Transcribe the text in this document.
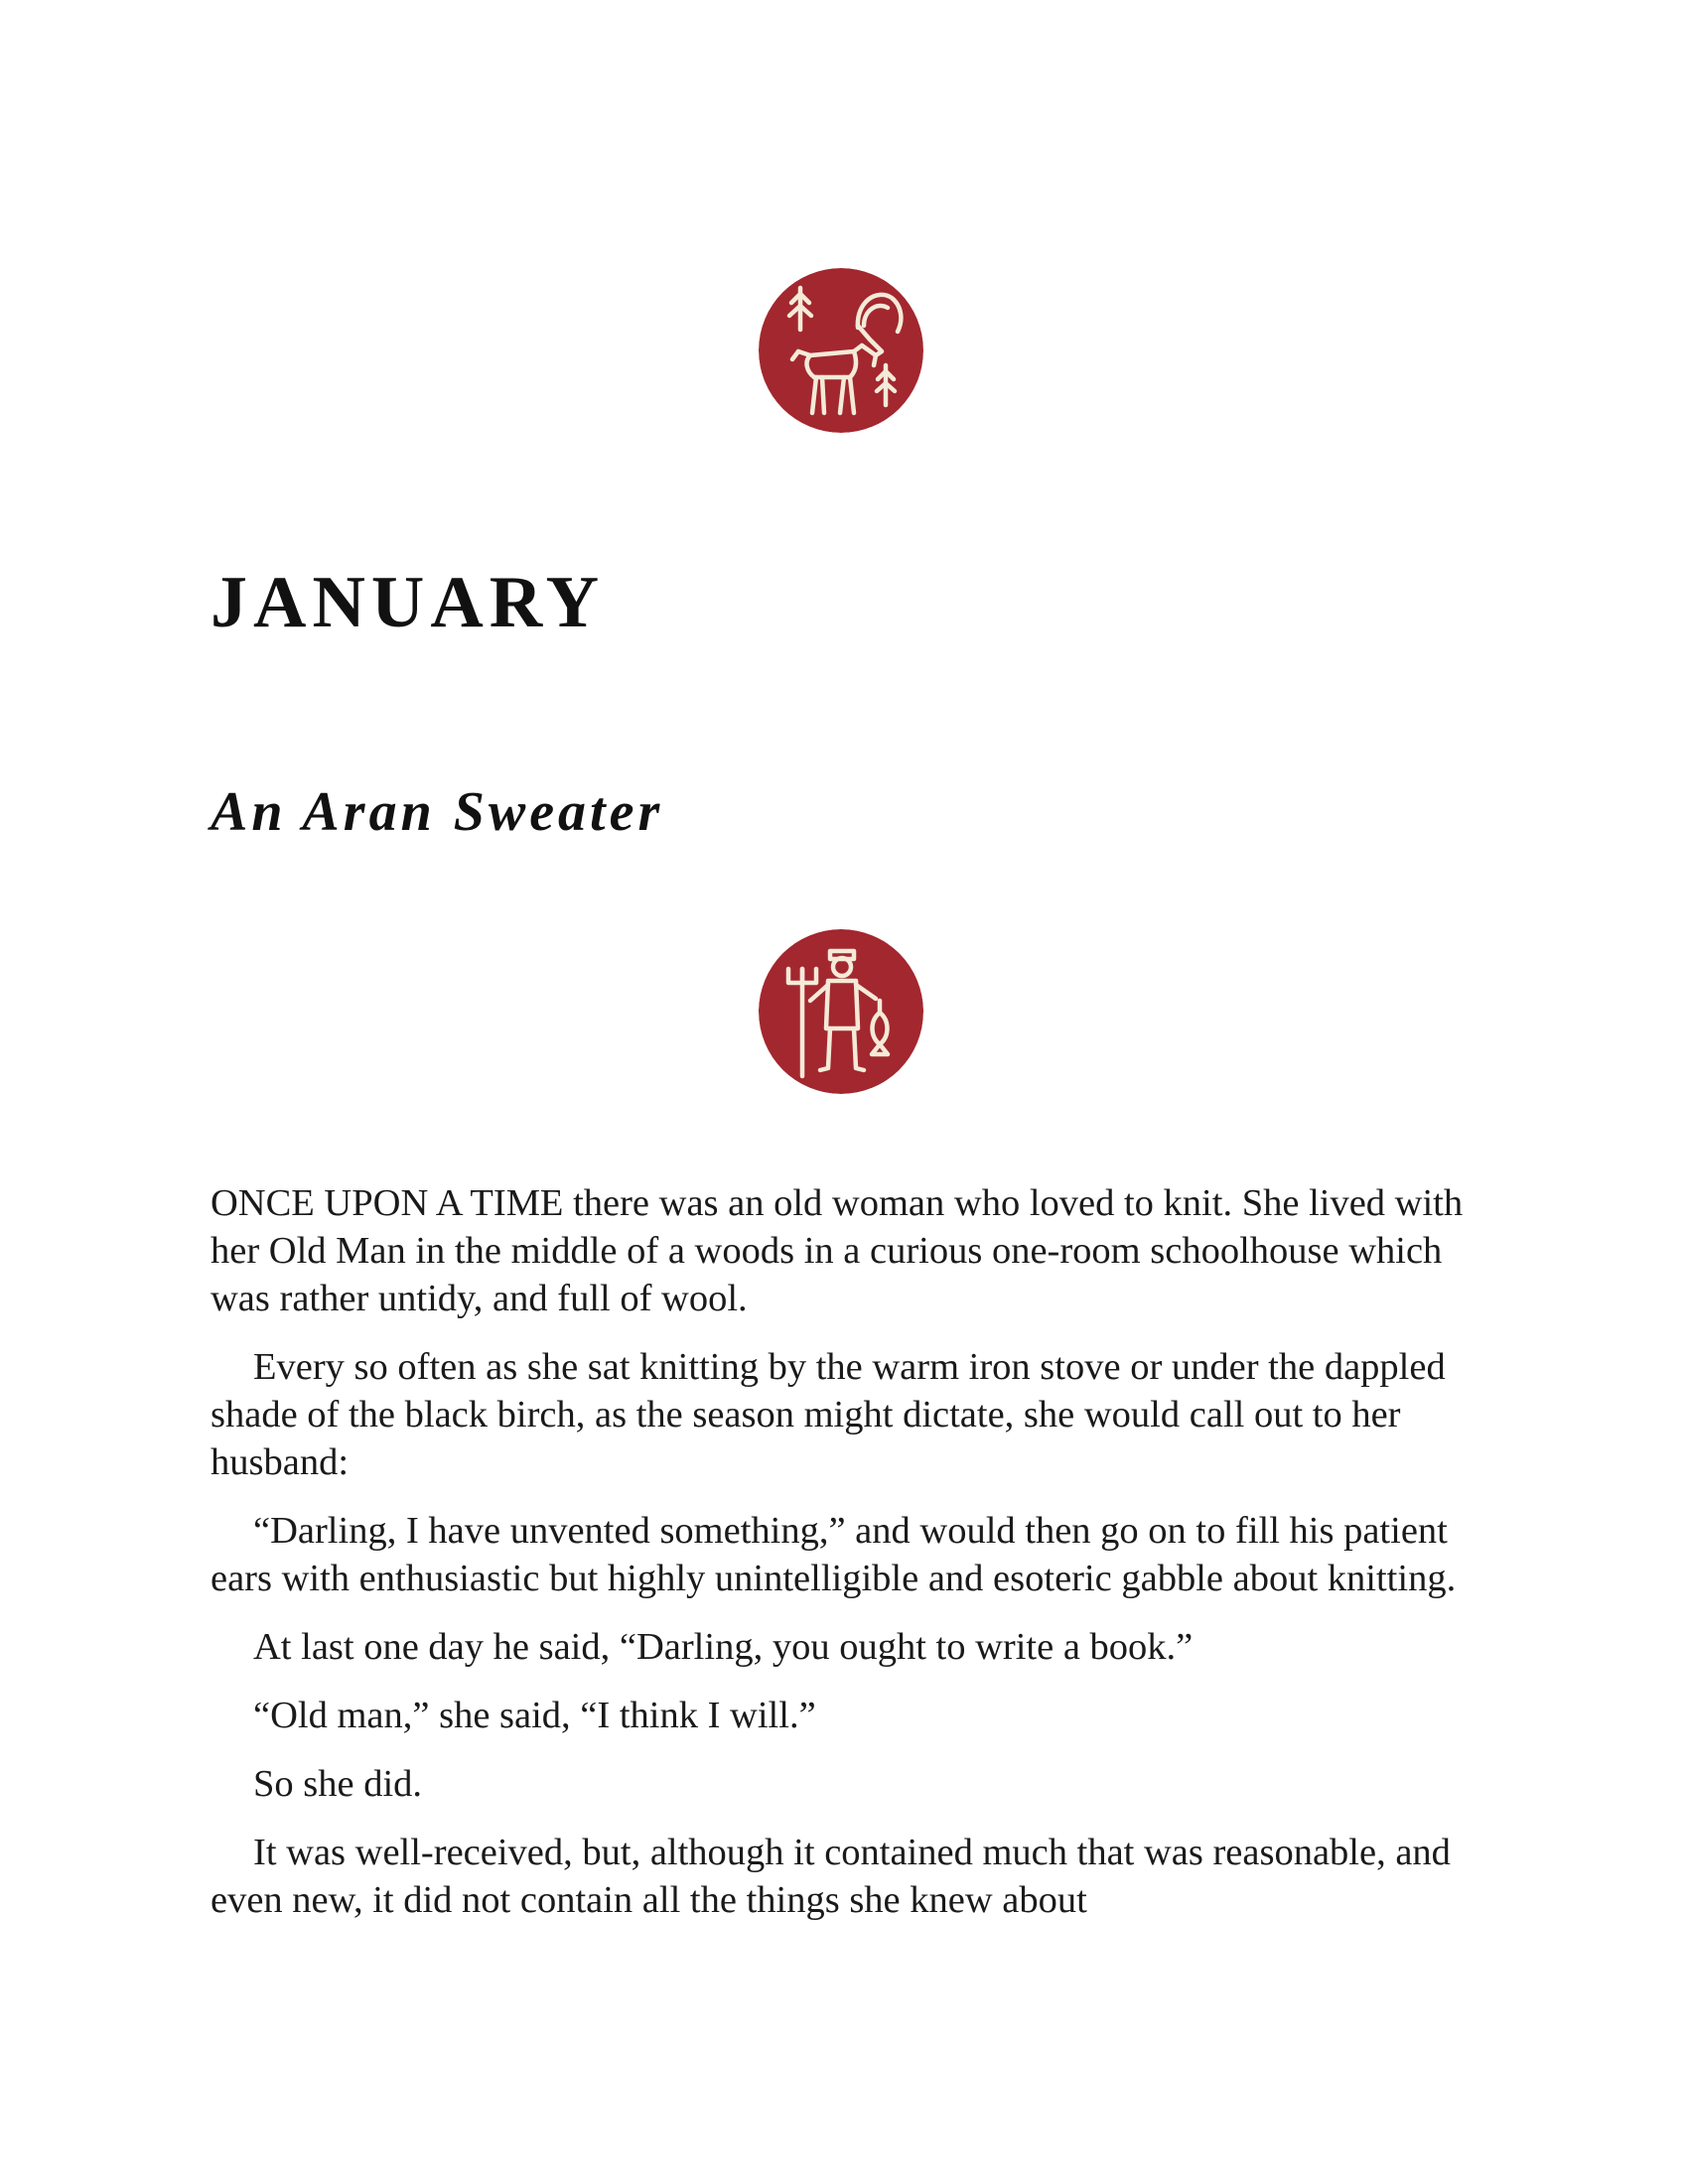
JANUARY
An Aran Sweater

ONCE UPON A TIME there was an old woman who loved to knit. She lived with her Old Man in the middle of a woods in a curious one-room schoolhouse which was rather untidy, and full of wool.

Every so often as she sat knitting by the warm iron stove or under the dappled shade of the black birch, as the season might dictate, she would call out to her husband:

“Darling, I have unvented something,” and would then go on to fill his patient ears with enthusiastic but highly unintelligible and esoteric gabble about knitting.

At last one day he said, “Darling, you ought to write a book.”

“Old man,” she said, “I think I will.”

So she did.

It was well-received, but, although it contained much that was reasonable, and even new, it did not contain all the things she knew about
